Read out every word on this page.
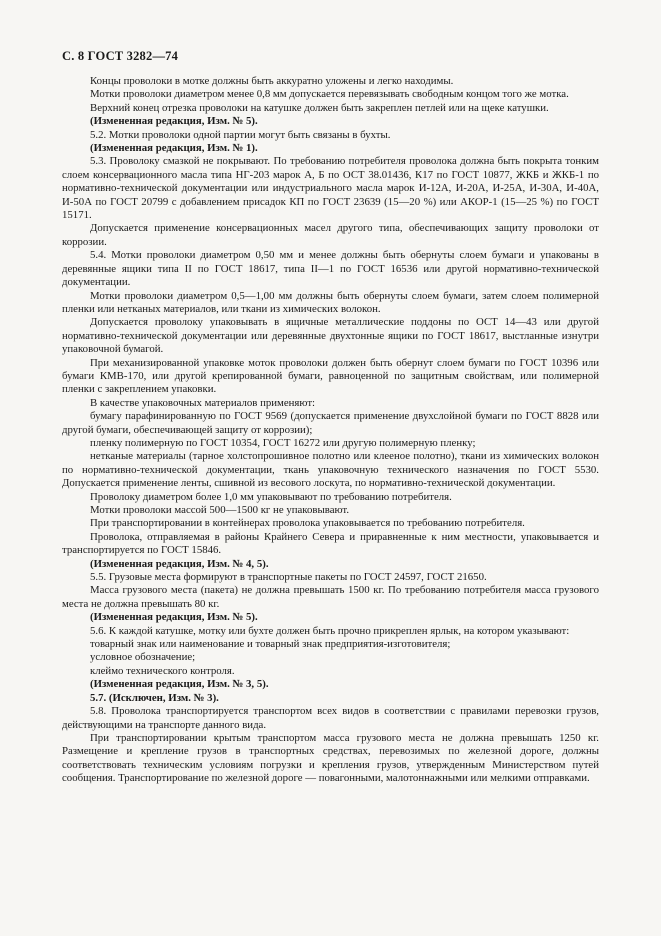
С. 8 ГОСТ 3282—74

Концы проволоки в мотке должны быть аккуратно уложены и легко находимы.

Мотки проволоки диаметром менее 0,8 мм допускается перевязывать свободным концом того же мотка.

Верхний конец отрезка проволоки на катушке должен быть закреплен петлей или на щеке катушки.

(Измененная редакция, Изм. № 5).

5.2. Мотки проволоки одной партии могут быть связаны в бухты.

(Измененная редакция, Изм. № 1).

5.3. Проволоку смазкой не покрывают. По требованию потребителя проволока должна быть покрыта тонким слоем консервационного масла типа НГ-203 марок А, Б по ОСТ 38.01436, К17 по ГОСТ 10877, ЖКБ и ЖКБ-1 по нормативно-технической документации или индустриального масла марок И-12А, И-20А, И-25А, И-30А, И-40А, И-50А по ГОСТ 20799 с добавлением присадок КП по ГОСТ 23639 (15—20 %) или АКОР-1 (15—25 %) по ГОСТ 15171.

Допускается применение консервационных масел другого типа, обеспечивающих защиту проволоки от коррозии.

5.4. Мотки проволоки диаметром 0,50 мм и менее должны быть обернуты слоем бумаги и упакованы в деревянные ящики типа II по ГОСТ 18617, типа II—1 по ГОСТ 16536 или другой нормативно-технической документации.

Мотки проволоки диаметром 0,5—1,00 мм должны быть обернуты слоем бумаги, затем слоем полимерной пленки или нетканых материалов, или ткани из химических волокон.

Допускается проволоку упаковывать в ящичные металлические поддоны по ОСТ 14—43 или другой нормативно-технической документации или деревянные двухтонные ящики по ГОСТ 18617, выстланные изнутри упаковочной бумагой.

При механизированной упаковке моток проволоки должен быть обернут слоем бумаги по ГОСТ 10396 или бумаги КМВ-170, или другой крепированной бумаги, равноценной по защитным свойствам, или полимерной пленки с закреплением упаковки.

В качестве упаковочных материалов применяют:

бумагу парафинированную по ГОСТ 9569 (допускается применение двухслойной бумаги по ГОСТ 8828 или другой бумаги, обеспечивающей защиту от коррозии);

пленку полимерную по ГОСТ 10354, ГОСТ 16272 или другую полимерную пленку;

нетканые материалы (тарное холстопрошивное полотно или клееное полотно), ткани из химических волокон по нормативно-технической документации, ткань упаковочную технического назначения по ГОСТ 5530. Допускается применение ленты, сшивной из весового лоскута, по нормативно-технической документации.

Проволоку диаметром более 1,0 мм упаковывают по требованию потребителя.

Мотки проволоки массой 500—1500 кг не упаковывают.

При транспортировании в контейнерах проволока упаковывается по требованию потребителя.

Проволока, отправляемая в районы Крайнего Севера и приравненные к ним местности, упаковывается и транспортируется по ГОСТ 15846.

(Измененная редакция, Изм. № 4, 5).

5.5. Грузовые места формируют в транспортные пакеты по ГОСТ 24597, ГОСТ 21650.

Масса грузового места (пакета) не должна превышать 1500 кг. По требованию потребителя масса грузового места не должна превышать 80 кг.

(Измененная редакция, Изм. № 5).

5.6. К каждой катушке, мотку или бухте должен быть прочно прикреплен ярлык, на котором указывают:

товарный знак или наименование и товарный знак предприятия-изготовителя;

условное обозначение;

клеймо технического контроля.

(Измененная редакция, Изм. № 3, 5).

5.7. (Исключен, Изм. № 3).

5.8. Проволока транспортируется транспортом всех видов в соответствии с правилами перевозки грузов, действующими на транспорте данного вида.

При транспортировании крытым транспортом масса грузового места не должна превышать 1250 кг. Размещение и крепление грузов в транспортных средствах, перевозимых по железной дороге, должны соответствовать техническим условиям погрузки и крепления грузов, утвержденным Министерством путей сообщения. Транспортирование по железной дороге — повагонными, малотоннажными или мелкими отправками.
